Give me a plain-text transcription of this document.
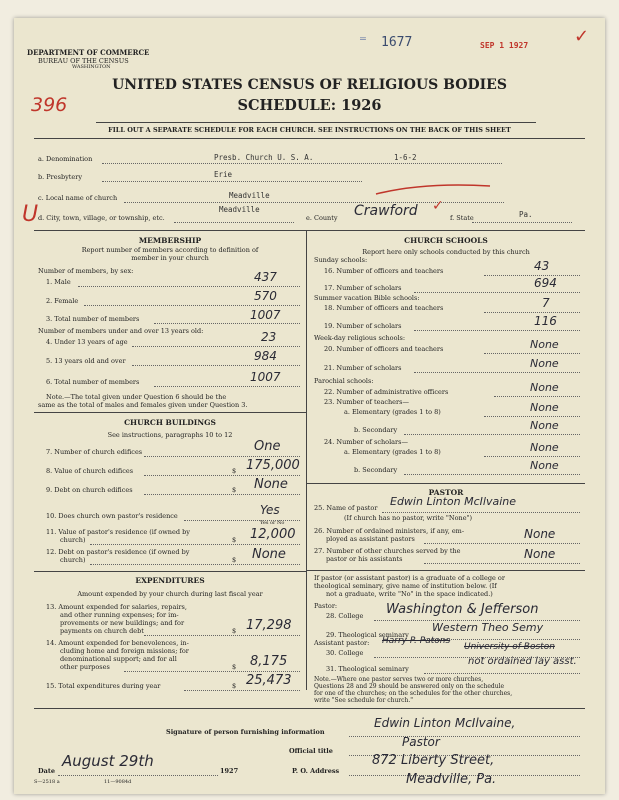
DEPARTMENT OF COMMERCE
BUREAU OF THE CENSUS
WASHINGTON
396
1677
⁼	SEP 1 1927	✓
UNITED STATES CENSUS OF RELIGIOUS BODIES
SCHEDULE: 1926
FILL OUT A SEPARATE SCHEDULE FOR EACH CHURCH. SEE INSTRUCTIONS ON THE BACK OF THIS SHEET
a. Denomination	Presb. Church U. S. A.	1-6-2
b. Presbytery	Erie
c. Local name of church	Meadville
U d. City, town, village, or township, etc.
Meadville
e. County Crawford ✓
f. State	Pa.
MEMBERSHIP
Report number of members according to definition of
member in your church
Number of members, by sex:
1. Male	437
2. Female	570
3. Total number of members	1007
Number of members under and over 13 years old:
4. Under 13 years of age	23
5. 13 years old and over	984
6. Total number of members	1007
Note.—The total given under Question 6 should be the
same as the total of males and females given under Question 3.
CHURCH BUILDINGS
See instructions, paragraphs 10 to 12
7. Number of church edifices	One
8. Value of church edifices	$ 175,000
9. Debt on church edifices	$ None
10. Does church own pastor's residence	Yes
Yes or No
11. Value of pastor's residence (if owned by
church)	$ 12,000
12. Debt on pastor's residence (if owned by
church)	$ None
EXPENDITURES
Amount expended by your church during last fiscal year
13. Amount expended for salaries, repairs,
and other running expenses; for im-
provements or new buildings; and for
payments on church debt	$ 17,298
14. Amount expended for benevolences, in-
cluding home and foreign missions; for
denominational support; and for all
other purposes	$ 8,175
15. Total expenditures during year	$ 25,473
CHURCH SCHOOLS
Report here only schools conducted by this church
Sunday schools:
16. Number of officers and teachers	43
17. Number of scholars	694
Summer vacation Bible schools:
18. Number of officers and teachers	7
19. Number of scholars	116
Week-day religious schools:
20. Number of officers and teachers	None
21. Number of scholars	None
Parochial schools:
22. Number of administrative officers	None
23. Number of teachers—
a. Elementary (grades 1 to 8)	None
b. Secondary	None
24. Number of scholars—
a. Elementary (grades 1 to 8)	None
b. Secondary	None
PASTOR
25. Name of pastor Edwin Linton McIlvaine
(If church has no pastor, write "None")
26. Number of ordained ministers, if any, em-
ployed as assistant pastors	None
27. Number of other churches served by the
pastor or his assistants	None
If pastor (or assistant pastor) is a graduate of a college or
theological seminary, give name of institution below. (If
not a graduate, write "No" in the space indicated.)
Pastor:
28. College Washington & Jefferson
29. Theological seminary
Western Theo Semy
Assistant pastor: Harry P. Patons
30. College
University of Boston
31. Theological seminary
not ordained lay asst.
Note.—Where one pastor serves two or more churches,
Questions 28 and 29 should be answered only on the schedule
for one of the churches; on the schedules for the other churches,
write "See schedule for church."
Signature of person furnishing information
Edwin Linton McIlvaine,
Official title
Pastor
Date
August 29th
1927	P. O. Address
872 Liberty Street,
Meadville, Pa.
S—2518 a	11—9084d
